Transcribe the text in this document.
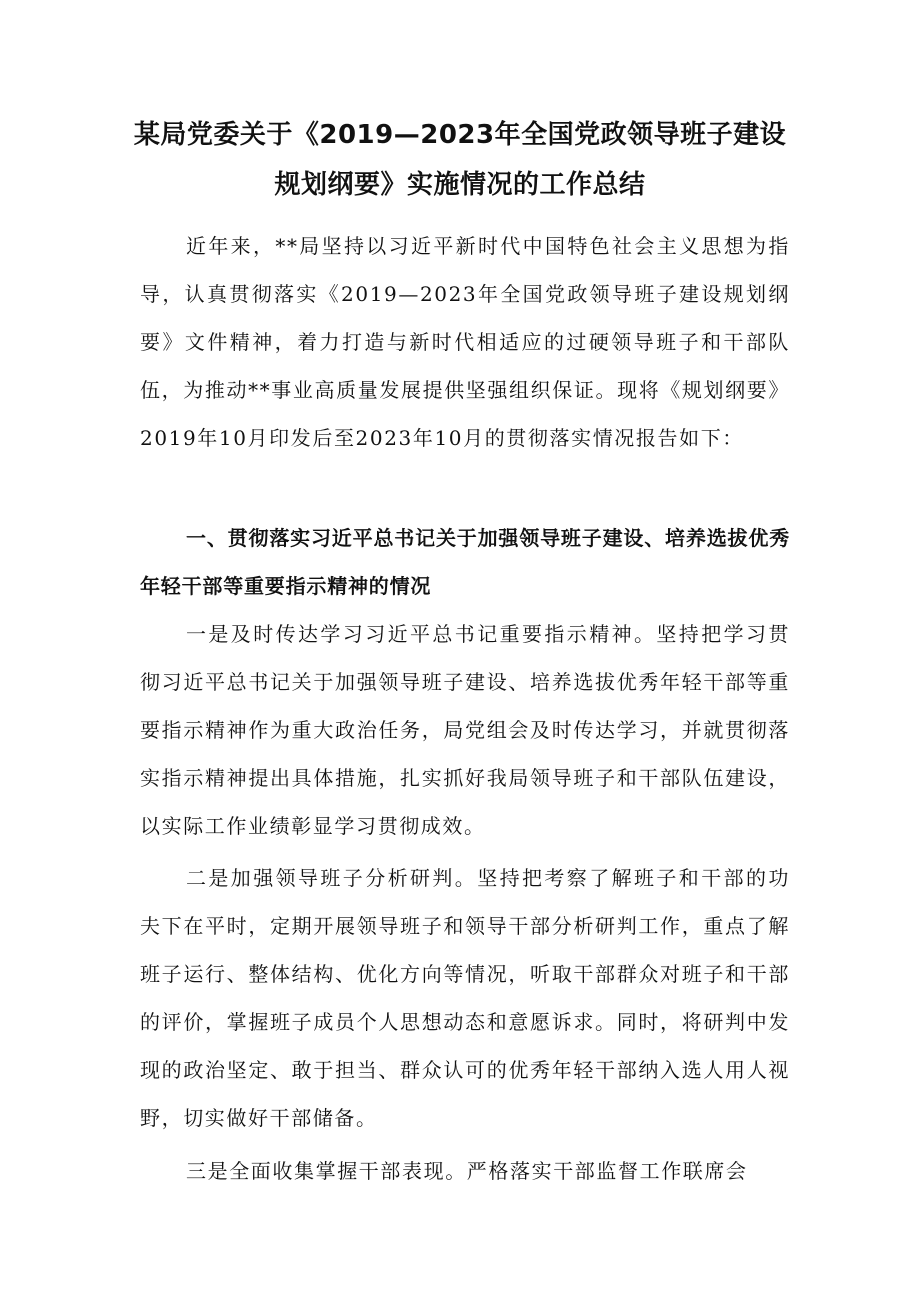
某局党委关于《2019—2023年全国党政领导班子建设
规划纲要》实施情况的工作总结

近年来，**局坚持以习近平新时代中国特色社会主义思想为指导，认真贯彻落实《2019—2023年全国党政领导班子建设规划纲要》文件精神，着力打造与新时代相适应的过硬领导班子和干部队伍，为推动**事业高质量发展提供坚强组织保证。现将《规划纲要》2019年10月印发后至2023年10月的贯彻落实情况报告如下：

一、贯彻落实习近平总书记关于加强领导班子建设、培养选拔优秀年轻干部等重要指示精神的情况

一是及时传达学习习近平总书记重要指示精神。坚持把学习贯彻习近平总书记关于加强领导班子建设、培养选拔优秀年轻干部等重要指示精神作为重大政治任务，局党组会及时传达学习，并就贯彻落实指示精神提出具体措施，扎实抓好我局领导班子和干部队伍建设，以实际工作业绩彰显学习贯彻成效。

二是加强领导班子分析研判。坚持把考察了解班子和干部的功夫下在平时，定期开展领导班子和领导干部分析研判工作，重点了解班子运行、整体结构、优化方向等情况，听取干部群众对班子和干部的评价，掌握班子成员个人思想动态和意愿诉求。同时，将研判中发现的政治坚定、敢于担当、群众认可的优秀年轻干部纳入选人用人视野，切实做好干部储备。

三是全面收集掌握干部表现。严格落实干部监督工作联席会
